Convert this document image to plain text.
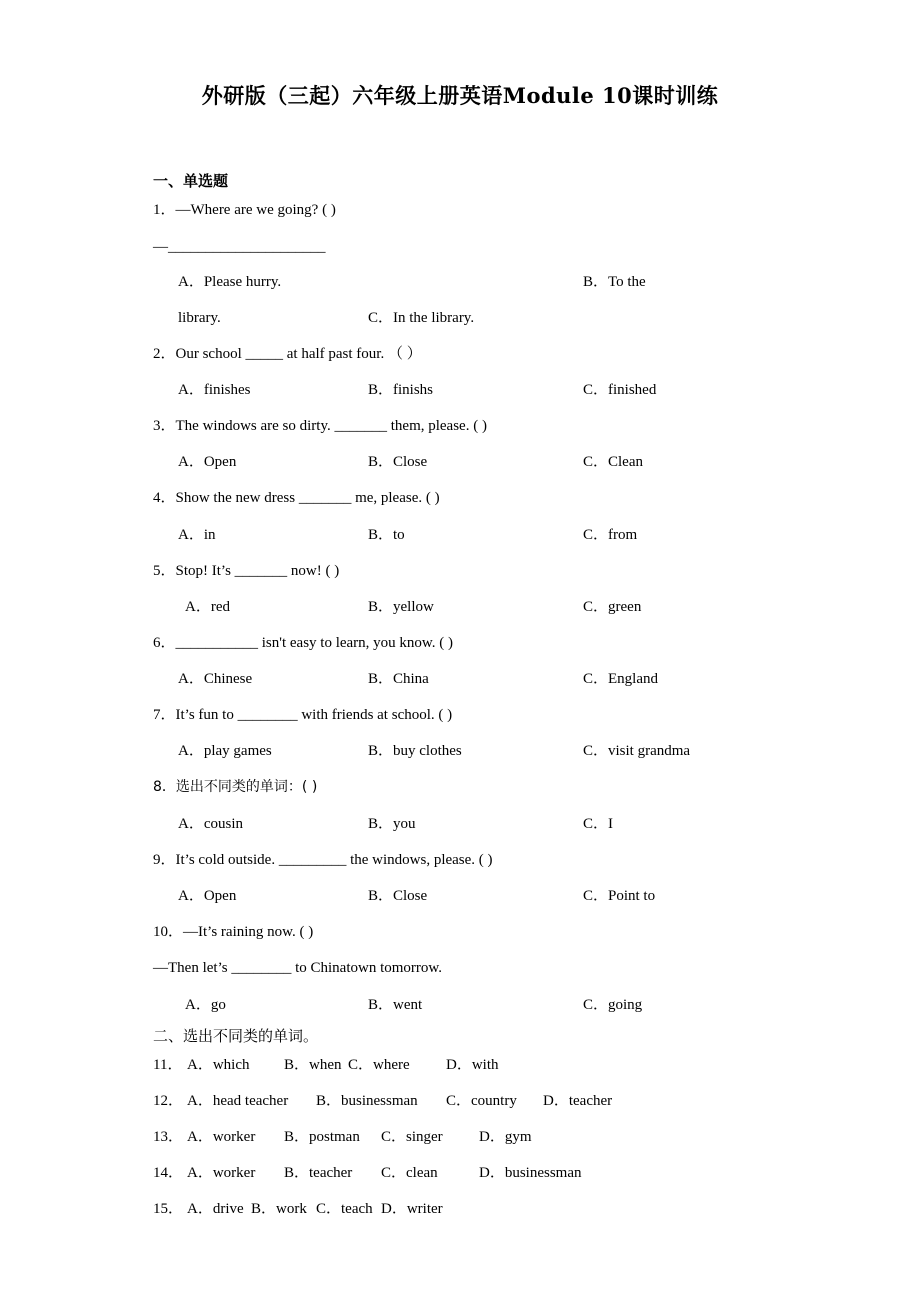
外研版（三起）六年级上册英语Module 10课时训练
一、单选题
1．—Where are we going? ( )
—_____________________
A．Please hurry.	B．To the
library.	C．In the library.
2．Our school _____ at half past four. （ ）
A．finishes	B．finishs	C．finished
3．The windows are so dirty. _______ them, please. ( )
A．Open	B．Close	C．Clean
4．Show the new dress _______ me, please. ( )
A．in	B．to	C．from
5．Stop! It’s _______ now! ( )
A．red	B．yellow	C．green
6．___________ isn't easy to learn, you know. ( )
A．Chinese	B．China	C．England
7．It’s fun to ________ with friends at school. ( )
A．play games	B．buy clothes	C．visit grandma
8．选出不同类的单词：( )
A．cousin	B．you	C．I
9．It’s cold outside. _________ the windows, please. ( )
A．Open	B．Close	C．Point to
10．—It’s raining now. ( )
—Then let’s ________ to Chinatown tomorrow.
A．go	B．went	C．going
二、选出不同类的单词。
11． A．which B．when C．where D．with
12． A．head teacher B．businessman C．country D．teacher
13． A．worker B．postman C．singer D．gym
14． A．worker B．teacher C．clean	D．businessman
15． A．drive B．work C．teach D．writer
